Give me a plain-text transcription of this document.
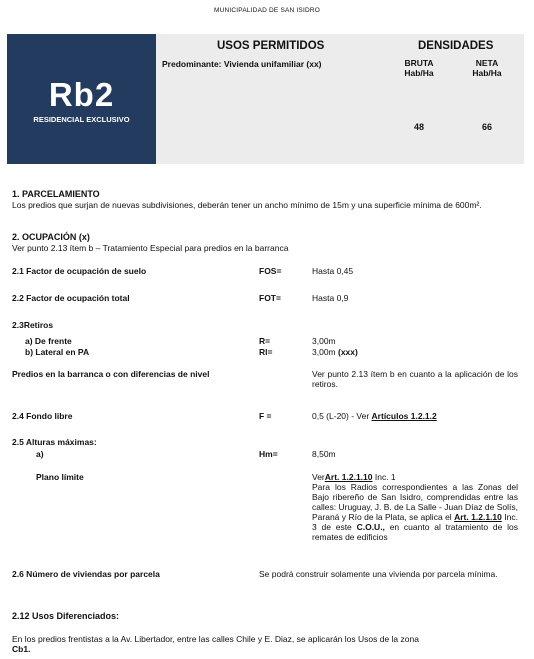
MUNICIPALIDAD DE SAN ISIDRO
Rb2
RESIDENCIAL EXCLUSIVO
USOS PERMITIDOS
Predominante: Vivienda unifamiliar (xx)
DENSIDADES
BRUTA
Hab/Ha
NETA
Hab/Ha
48	66
1. PARCELAMIENTO
Los predios que surjan de nuevas subdivisiones, deberán tener un ancho mínimo de 15m y una superficie mínima de 600m².
2. OCUPACIÓN (x)
Ver punto 2.13 ítem b – Tratamiento Especial para predios en la barranca
2.1 Factor de ocupación de suelo	FOS=	Hasta 0,45
2.2 Factor de ocupación total	FOT=	Hasta 0,9
2.3Retiros
a) De frente	R=	3,00m
b) Lateral en PA	Rl=	3,00m (xxx)
Predios en la barranca o con diferencias de nivel	Ver punto 2.13 ítem b en cuanto a la aplicación de los retiros.
2.4 Fondo libre	F =	0,5 (L-20) - Ver Artículos 1.2.1.2
2.5 Alturas máximas:
a)	Hm=	8,50m
Plano límite	VerArt. 1.2.1.10 Inc. 1
Para los Radios correspondientes a las Zonas del Bajo ribereño de San Isidro, comprendidas entre las calles: Uruguay, J. B. de La Salle - Juan Díaz de Solís, Paraná y Río de la Plata, se aplica el Art. 1.2.1.10 Inc. 3 de este C.O.U., en cuanto al tratamiento de los remates de edificios
2.6 Número de viviendas por parcela	Se podrá construir solamente una vivienda por parcela mínima.
2.12 Usos Diferenciados:
En los predios frentistas a la Av. Libertador, entre las calles Chile y E. Diaz, se aplicarán los Usos de la zona
Cb1.
